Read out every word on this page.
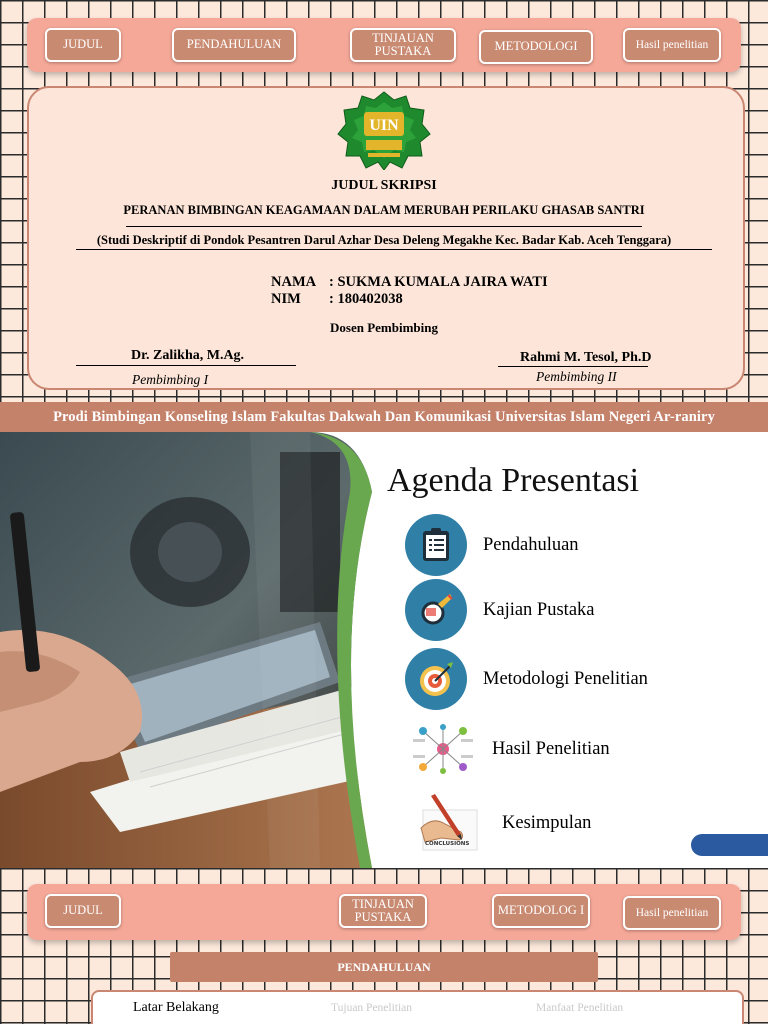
JUDUL	PENDAHULUAN	TINJAUAN PUSTAKA	METODOLOGI	Hasil penelitian
UIN
JUDUL SKRIPSI
PERANAN BIMBINGAN KEAGAMAAN DALAM MERUBAH PERILAKU GHASAB SANTRI
(Studi Deskriptif di Pondok Pesantren Darul Azhar Desa Deleng Megakhe Kec. Badar Kab. Aceh Tenggara)
NAMA : SUKMA KUMALA JAIRA WATI
NIM : 180402038
Dosen Pembimbing
Dr. Zalikha, M.Ag.
Pembimbing I
Rahmi M. Tesol, Ph.D
Pembimbing II
Prodi Bimbingan Konseling Islam Fakultas Dakwah Dan Komunikasi Universitas Islam Negeri Ar-raniry
Agenda Presentasi
Pendahuluan
Kajian Pustaka
Metodologi Penelitian
Hasil Penelitian
CONCLUSIONS
Kesimpulan
JUDUL	TINJAUAN PUSTAKA	METODOLOG I	Hasil penelitian
PENDAHULUAN
Latar Belakang	Tujuan Penelitian	Manfaat Penelitian
